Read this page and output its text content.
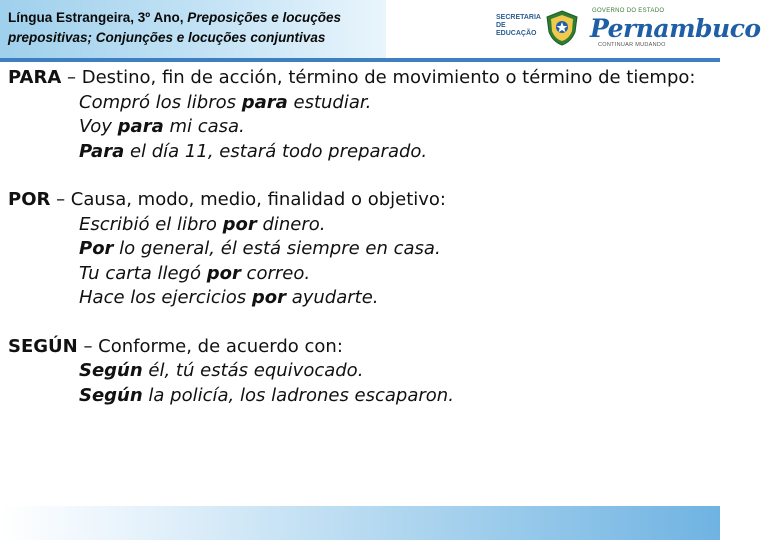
Língua Estrangeira, 3º Ano, Preposições e locuções
prepositivas; Conjunções e locuções conjuntivas
SECRETARIA
DE EDUCAÇÃO
GOVERNO DO ESTADO
Pernambuco
CONTINUAR MUDANDO
PARA – Destino, fin de acción, término de movimiento o término de tiempo:
Compró los libros para estudiar.
Voy para mi casa.
Para el día 11, estará todo preparado.
POR – Causa, modo, medio, finalidad o objetivo:
Escribió el libro por dinero.
Por lo general, él está siempre en casa.
Tu carta llegó por correo.
Hace los ejercicios por ayudarte.
SEGÚN – Conforme, de acuerdo con:
Según él, tú estás equivocado.
Según la policía, los ladrones escaparon.
